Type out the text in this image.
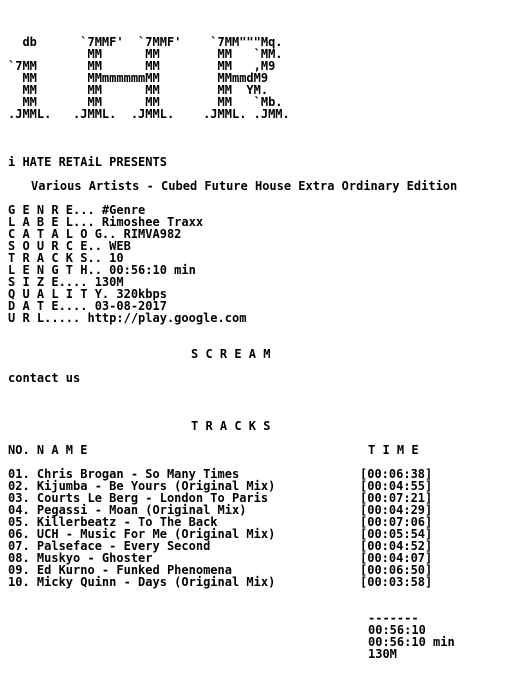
db      `7MMF'  `7MMF'    `7MM"""Mq.
MM      MM        MM   `MM.
`7MM       MM      MM        MM   ,M9
MM       MMmmmmmmMM        MMmmdM9
MM       MM      MM        MM  YM.
MM       MM      MM        MM   `Mb.
.JMML.   .JMML.  .JMML.    .JMML. .JMM.
i HATE RETAiL PRESENTS
Various Artists - Cubed Future House Extra Ordinary Edition
G E N R E... #Genre
L A B E L... Rimoshee Traxx
C A T A L O G.. RIMVA982
S O U R C E.. WEB
T R A C K S.. 10
L E N G T H.. 00:56:10 min
S I Z E.... 130M
Q U A L I T Y. 320kbps
D A T E.... 03-08-2017
U R L..... http://play.google.com
S C R E A M
contact us
T R A C K S
NO. N A M E	T I M E
01. Chris Brogan - So Many Times	[00:06:38]
02. Kijumba - Be Yours (Original Mix)	[00:04:55]
03. Courts Le Berg - London To Paris	[00:07:21]
04. Pegassi - Moan (Original Mix)	[00:04:29]
05. Killerbeatz - To The Back	[00:07:06]
06. UCH - Music For Me (Original Mix)	[00:05:54]
07. Palseface - Every Second	[00:04:52]
08. Muskyo - Ghoster	[00:04:07]
09. Ed Kurno - Funked Phenomena	[00:06:50]
10. Micky Quinn - Days (Original Mix)	[00:03:58]
-------
00:56:10
00:56:10 min
130M
